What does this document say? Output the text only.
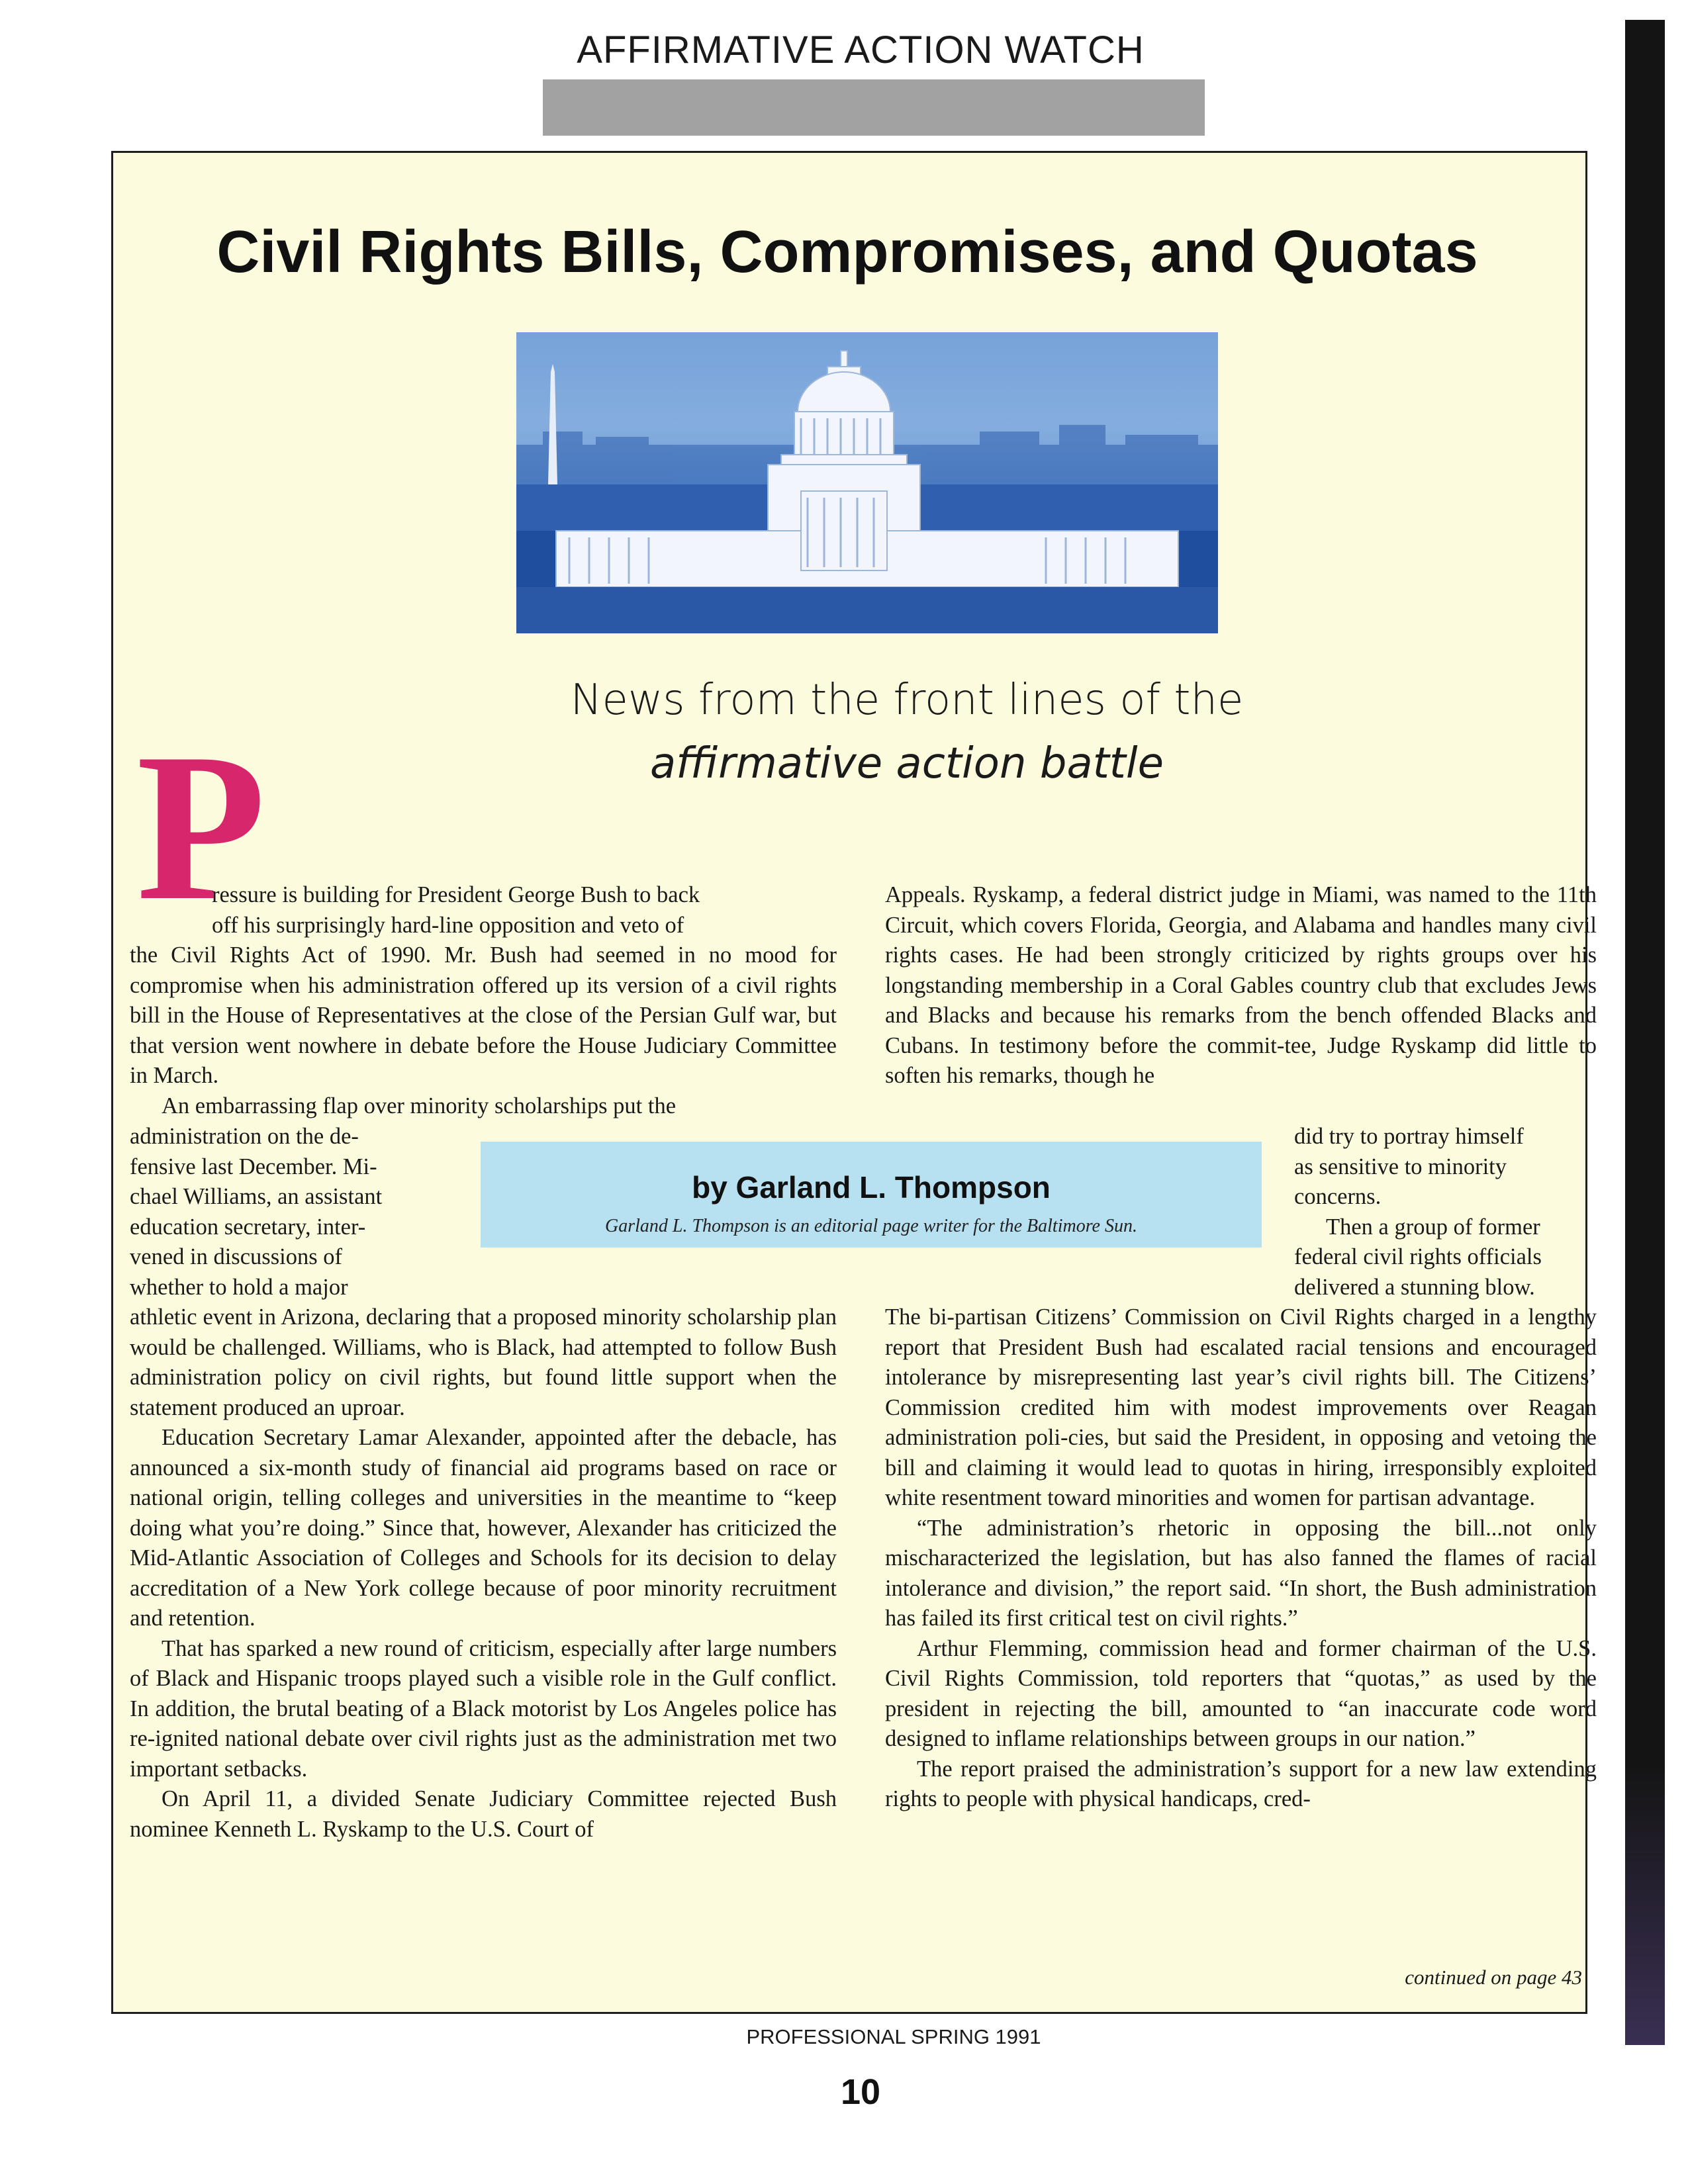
AFFIRMATIVE ACTION WATCH
Civil Rights Bills, Compromises, and Quotas
News from the front lines of the
affirmative action battle
P

ressure is building for President George Bush to back

off his surprisingly hard-line opposition and veto of

the Civil Rights Act of 1990. Mr. Bush had seemed in no mood for compromise when his administration offered up its version of a civil rights bill in the House of Representatives at the close of the Persian Gulf war, but that version went nowhere in debate before the House Judiciary Committee in March.

An embarrassing flap over minority scholarships put the

administration on the de-

fensive last December. Mi-

chael Williams, an assistant

education secretary, inter-

vened in discussions of

whether to hold a major

athletic event in Arizona, declaring that a proposed minority scholarship plan would be challenged. Williams, who is Black, had attempted to follow Bush administration policy on civil rights, but found little support when the statement produced an uproar.

Education Secretary Lamar Alexander, appointed after the debacle, has announced a six-month study of financial aid programs based on race or national origin, telling colleges and universities in the meantime to “keep doing what you’re doing.” Since that, however, Alexander has criticized the Mid-Atlantic Association of Colleges and Schools for its decision to delay accreditation of a New York college because of poor minority recruitment and retention.

That has sparked a new round of criticism, especially after large numbers of Black and Hispanic troops played such a visible role in the Gulf conflict. In addition, the brutal beating of a Black motorist by Los Angeles police has re-ignited national debate over civil rights just as the administration met two important setbacks.

On April 11, a divided Senate Judiciary Committee rejected Bush nominee Kenneth L. Ryskamp to the U.S. Court of

by Garland L. Thompson
Garland L. Thompson is an editorial page writer for the Baltimore Sun.

Appeals. Ryskamp, a federal district judge in Miami, was named to the 11th Circuit, which covers Florida, Georgia, and Alabama and handles many civil rights cases. He had been strongly criticized by rights groups over his longstanding membership in a Coral Gables country club that excludes Jews and Blacks and because his remarks from the bench offended Blacks and Cubans. In testimony before the commit-tee, Judge Ryskamp did little to soften his remarks, though he

did try to portray himself

as sensitive to minority

concerns.

Then a group of former

federal civil rights officials

delivered a stunning blow.

The bi-partisan Citizens’ Commission on Civil Rights charged in a lengthy report that President Bush had escalated racial tensions and encouraged intolerance by misrepresenting last year’s civil rights bill. The Citizens’ Commission credited him with modest improvements over Reagan administration poli-cies, but said the President, in opposing and vetoing the bill and claiming it would lead to quotas in hiring, irresponsibly exploited white resentment toward minorities and women for partisan advantage.

“The administration’s rhetoric in opposing the bill...not only mischaracterized the legislation, but has also fanned the flames of racial intolerance and division,” the report said. “In short, the Bush administration has failed its first critical test on civil rights.”

Arthur Flemming, commission head and former chairman of the U.S. Civil Rights Commission, told reporters that “quotas,” as used by the president in rejecting the bill, amounted to “an inaccurate code word designed to inflame relationships between groups in our nation.”

The report praised the administration’s support for a new law extending rights to people with physical handicaps, cred-

continued on page 43
PROFESSIONAL SPRING 1991
10
